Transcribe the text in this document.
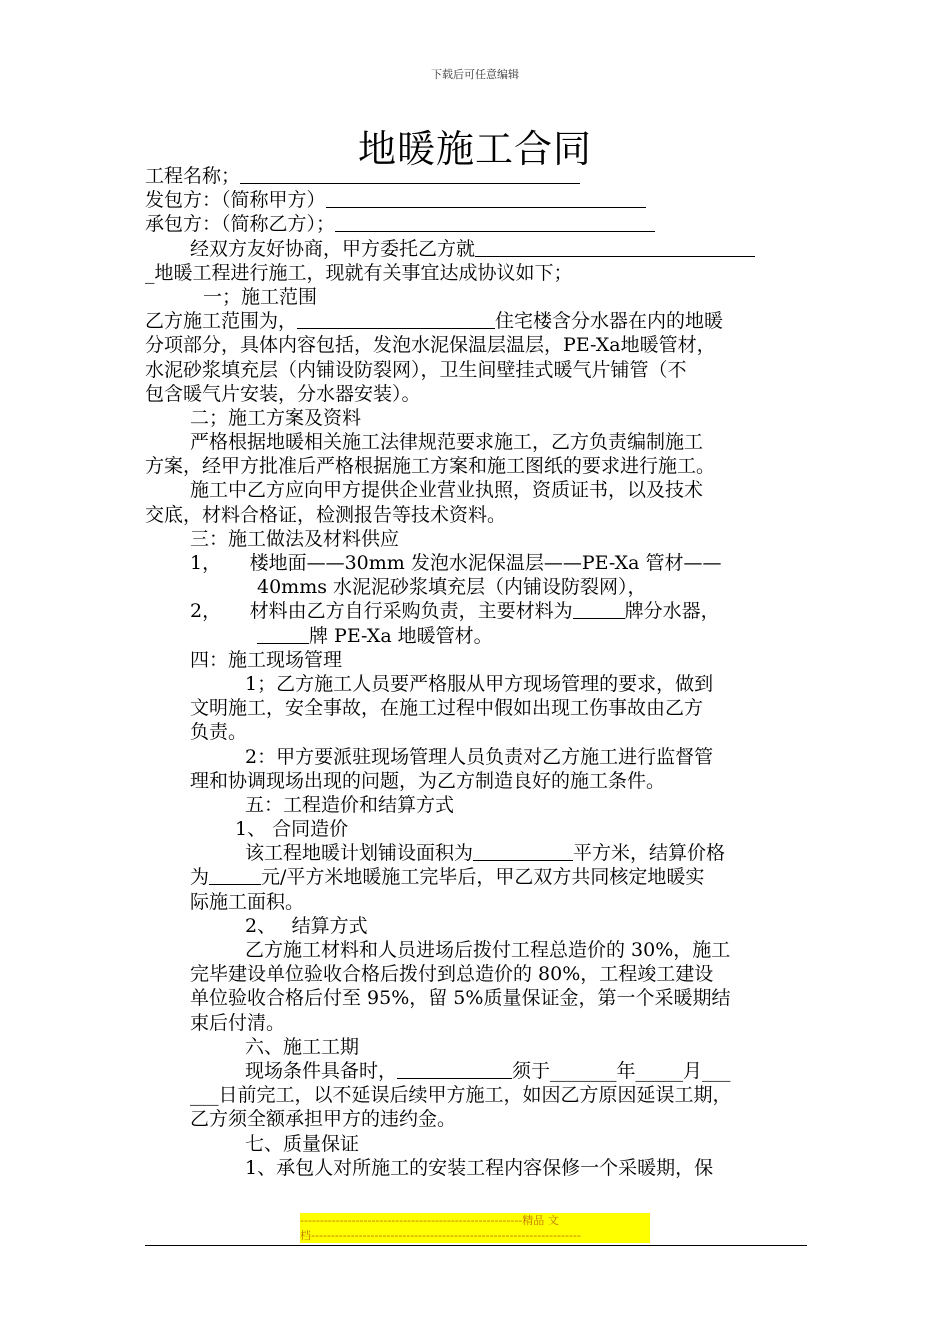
下载后可任意编辑
地暖施工合同
工程名称；
发包方：（简称甲方）
承包方：（简称乙方）；
经双方友好协商，甲方委托乙方就
_地暖工程进行施工，现就有关事宜达成协议如下；
一；施工范围
乙方施工范围为，	住宅楼含分水器在内的地暖
分项部分，具体内容包括，发泡水泥保温层温层，PE-Xa地暖管材，
水泥砂浆填充层（内铺设防裂网），卫生间壁挂式暖气片铺管（不
包含暖气片安装，分水器安装）。
二；施工方案及资料
严格根据地暖相关施工法律规范要求施工，乙方负责编制施工
方案，经甲方批准后严格根据施工方案和施工图纸的要求进行施工。
施工中乙方应向甲方提供企业营业执照，资质证书，以及技术
交底，材料合格证，检测报告等技术资料。
三：施工做法及材料供应
1，　　楼地面——30mm 发泡水泥保温层——PE-Xa 管材——
40mms 水泥泥砂浆填充层（内铺设防裂网），
2，　　材料由乙方自行采购负责，主要材料为	牌分水器，
牌 PE-Xa 地暖管材。
四：施工现场管理
1；乙方施工人员要严格服从甲方现场管理的要求，做到
文明施工，安全事故，在施工过程中假如出现工伤事故由乙方
负责。
2：甲方要派驻现场管理人员负责对乙方施工进行监督管
理和协调现场出现的问题，为乙方制造良好的施工条件。
五：工程造价和结算方式
1、 合同造价
该工程地暖计划铺设面积为	平方米，结算价格
为	元/平方米地暖施工完毕后，甲乙双方共同核定地暖实
际施工面积。
2、　 结算方式
乙方施工材料和人员进场后拨付工程总造价的 30%，施工
完毕建设单位验收合格后拨付到总造价的 80%，工程竣工建设
单位验收合格后付至 95%，留 5%质量保证金，第一个采暖期结
束后付清。
六、施工工期
现场条件具备时，	须于_______年_____月___
___日前完工，以不延误后续甲方施工，如因乙方原因延误工期，
乙方须全额承担甲方的违约金。
七、质量保证
1、承包人对所施工的安装工程内容保修一个采暖期，保
--------------------------------------------------------精品 文
档--------------------------------------------------------------------
